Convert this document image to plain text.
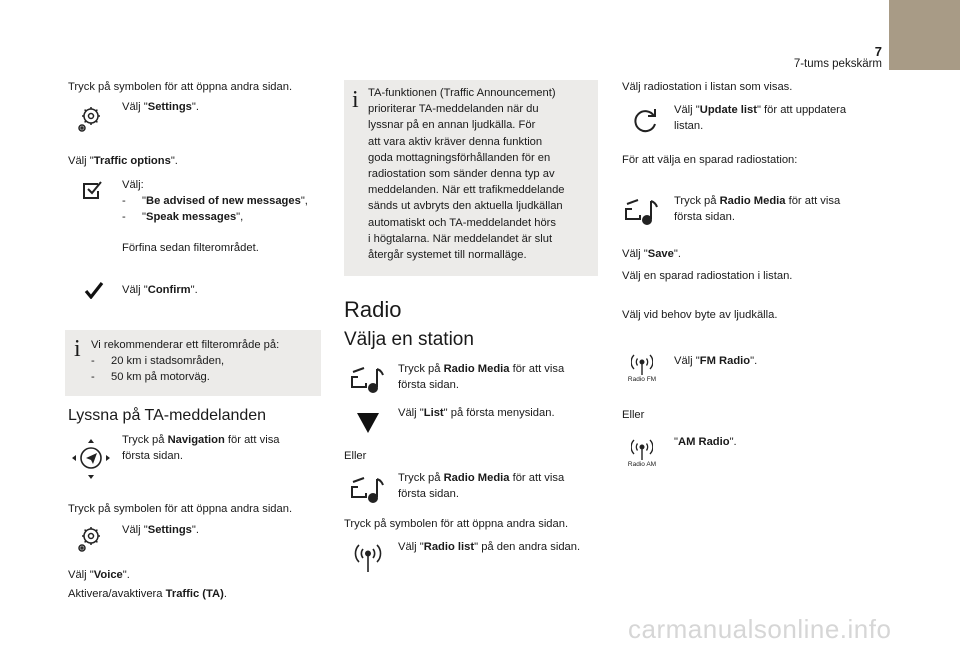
7
7-tums pekskärm
Tryck på symbolen för att öppna andra sidan.
Välj "Settings".
Välj "Traffic options".
Välj:
-	"Be advised of new messages",
-	"Speak messages",
Förfina sedan filterområdet.
Välj "Confirm".
i Vi rekommenderar ett filterområde på:
-	20 km i stadsområden,
-	50 km på motorväg.
Lyssna på TA-meddelanden
Tryck på Navigation för att visa
första sidan.
Tryck på symbolen för att öppna andra sidan.
Välj "Settings".
Välj "Voice".
Aktivera/avaktivera Traffic (TA).
i TA-funktionen (Traffic Announcement)
prioriterar TA-meddelanden när du
lyssnar på en annan ljudkälla. För
att vara aktiv kräver denna funktion
goda mottagningsförhållanden för en
radiostation som sänder denna typ av
meddelanden. När ett trafikmeddelande
sänds ut avbryts den aktuella ljudkällan
automatiskt och TA-meddelandet hörs
i högtalarna. När meddelandet är slut
återgår systemet till normalläge.
Radio
Välja en station
Tryck på Radio Media för att visa
första sidan.
Välj "List" på första menysidan.
Eller
Tryck på Radio Media för att visa
första sidan.
Tryck på symbolen för att öppna andra sidan.
Välj "Radio list" på den andra sidan.
Välj radiostation i listan som visas.
Välj "Update list" för att uppdatera
listan.
För att välja en sparad radiostation:
Tryck på Radio Media för att visa
första sidan.
Välj "Save".
Välj en sparad radiostation i listan.
Välj vid behov byte av ljudkälla.
Radio FM
Välj "FM Radio".
Eller
Radio AM
"AM Radio".
carmanualsonline.info
